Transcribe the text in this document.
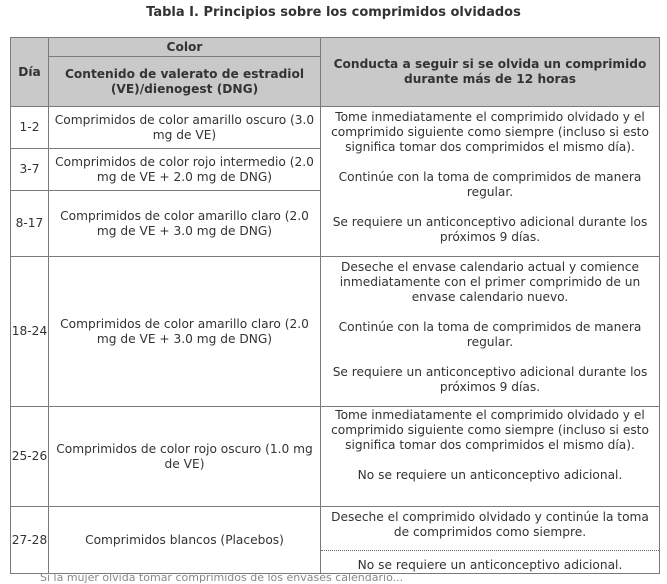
Tabla I. Principios sobre los comprimidos olvidados
Día	Color	Conducta a seguir si se olvida un comprimido durante más de 12 horas
	Contenido de valerato de estradiol (VE)/dienogest (DNG)	
1-2	Comprimidos de color amarillo oscuro (3.0 mg de VE)	Tome inmediatamente el comprimido olvidado y el comprimido siguiente como siempre (incluso si esto significa tomar dos comprimidos el mismo día).

Continúe con la toma de comprimidos de manera regular.

Se requiere un anticonceptivo adicional durante los próximos 9 días.

3-7	Comprimidos de color rojo intermedio (2.0 mg de VE + 2.0 mg de DNG)	
8-17	Comprimidos de color amarillo claro (2.0 mg de VE + 3.0 mg de DNG)	
18-24	Comprimidos de color amarillo claro (2.0 mg de VE + 3.0 mg de DNG)	Deseche el envase calendario actual y comience inmediatamente con el primer comprimido de un envase calendario nuevo.

Continúe con la toma de comprimidos de manera regular.

Se requiere un anticonceptivo adicional durante los próximos 9 días.

25-26	Comprimidos de color rojo oscuro (1.0 mg de VE)	Tome inmediatamente el comprimido olvidado y el comprimido siguiente como siempre (incluso si esto significa tomar dos comprimidos el mismo día).

No se requiere un anticonceptivo adicional.

27-28	Comprimidos blancos (Placebos)	Deseche el comprimido olvidado y continúe la toma de comprimidos como siempre.

No se requiere un anticonceptivo adicional.

Si la mujer olvida tomar comprimidos de los envases calendario...
